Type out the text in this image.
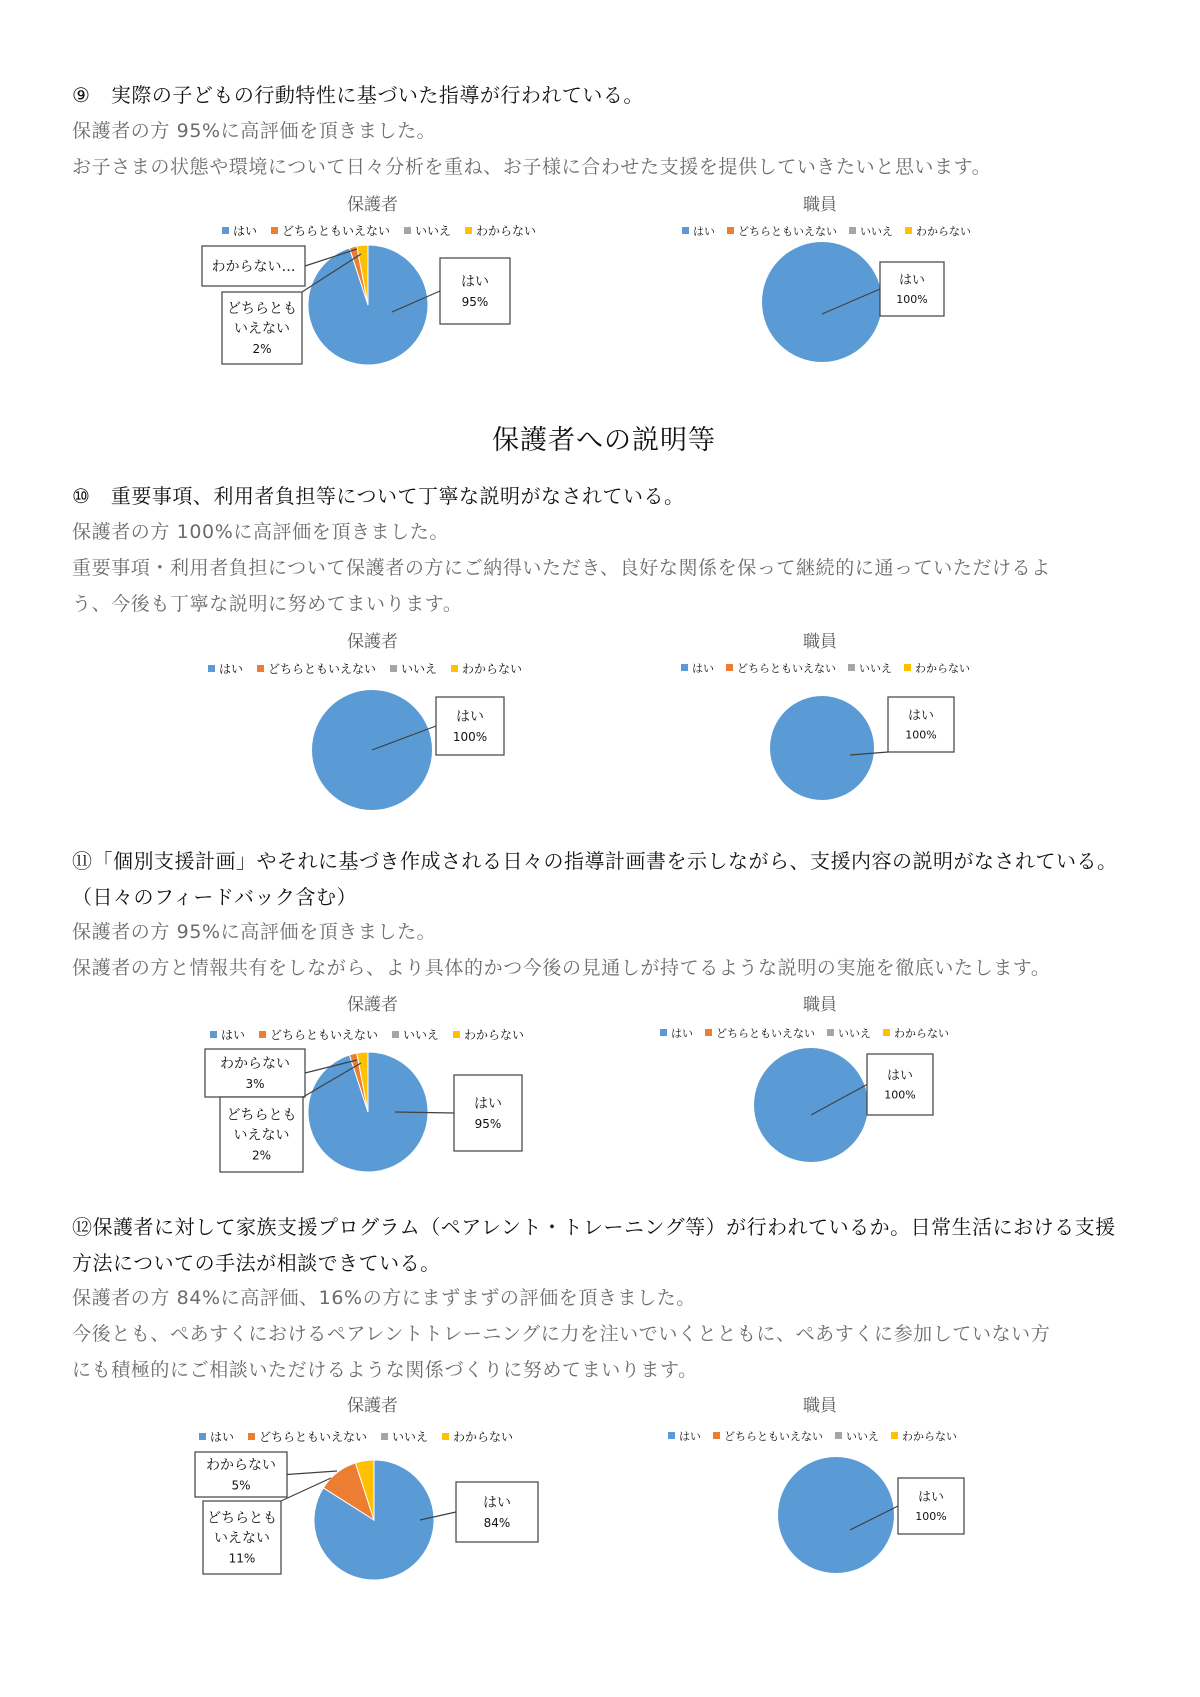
⑨　実際の子どもの行動特性に基づいた指導が行われている。
保護者の方 95%に高評価を頂きました。
お子さまの状態や環境について日々分析を重ね、お子様に合わせた支援を提供していきたいと思います。
保護者
はい どちらともいえない いいえ わからない
はい
95%
わからない…
どちらとも
いえない
2%
職員
はい どちらともいえない いいえ わからない
はい
100%
保護者への説明等
⑩　重要事項、利用者負担等について丁寧な説明がなされている。
保護者の方 100%に高評価を頂きました。
重要事項・利用者負担について保護者の方にご納得いただき、良好な関係を保って継続的に通っていただけるよ
う、今後も丁寧な説明に努めてまいります。
保護者
はい どちらともいえない いいえ わからない
はい
100%
職員
はい どちらともいえない いいえ わからない
はい
100%
⑪「個別支援計画」やそれに基づき作成される日々の指導計画書を示しながら、支援内容の説明がなされている。
（日々のフィードバック含む）
保護者の方 95%に高評価を頂きました。
保護者の方と情報共有をしながら、より具体的かつ今後の見通しが持てるような説明の実施を徹底いたします。
保護者
はい どちらともいえない いいえ わからない
わからない
3%
はい
95%
どちらとも
いえない
2%
職員
はい どちらともいえない いいえ わからない
はい
100%
⑫保護者に対して家族支援プログラム（ペアレント・トレーニング等）が行われているか。日常生活における支援
方法についての手法が相談できている。
保護者の方 84%に高評価、16%の方にまずまずの評価を頂きました。
今後とも、ぺあすくにおけるペアレントトレーニングに力を注いでいくとともに、ぺあすくに参加していない方
にも積極的にご相談いただけるような関係づくりに努めてまいります。
保護者
はい どちらともいえない いいえ わからない
わからない
5%
はい
84%
どちらとも
いえない
11%
職員
はい どちらともいえない いいえ わからない
はい
100%
